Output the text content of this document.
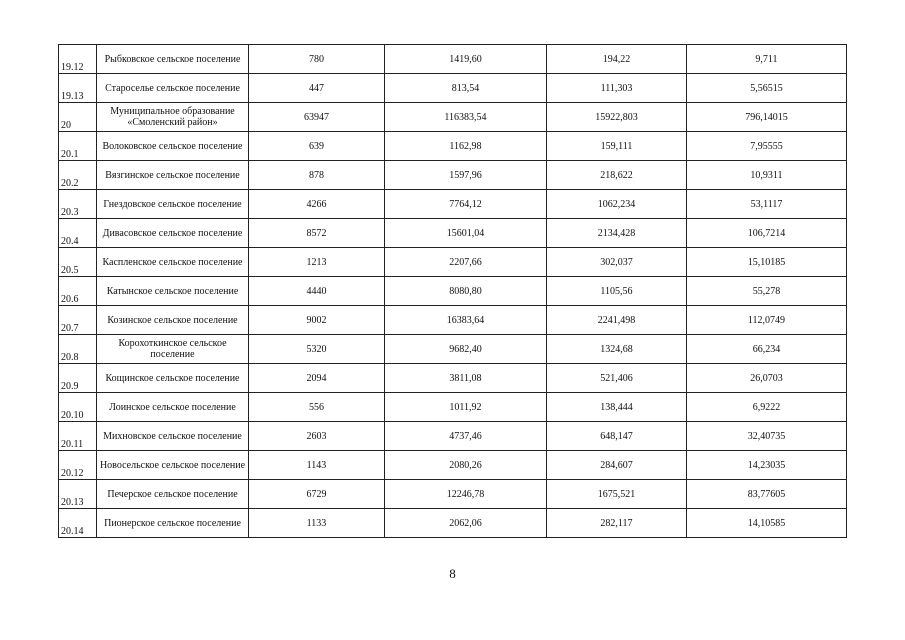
19.12	Рыбковское сельское поселение	780	1419,60	194,22	9,711
19.13	Староселье сельское поселение	447	813,54	111,303	5,56515
20	Муниципальное образование «Смоленский район»	63947	116383,54	15922,803	796,14015
20.1	Волоковское сельское поселение	639	1162,98	159,111	7,95555
20.2	Вязгинское сельское поселение	878	1597,96	218,622	10,9311
20.3	Гнездовское сельское поселение	4266	7764,12	1062,234	53,1117
20.4	Дивасовское сельское поселение	8572	15601,04	2134,428	106,7214
20.5	Каспленское сельское поселение	1213	2207,66	302,037	15,10185
20.6	Катынское сельское поселение	4440	8080,80	1105,56	55,278
20.7	Козинское сельское поселение	9002	16383,64	2241,498	112,0749
20.8	Корохоткинское сельское поселение	5320	9682,40	1324,68	66,234
20.9	Кощинское сельское поселение	2094	3811,08	521,406	26,0703
20.10	Лоинское сельское поселение	556	1011,92	138,444	6,9222
20.11	Михновское сельское поселение	2603	4737,46	648,147	32,40735
20.12	Новосельское сельское поселение	1143	2080,26	284,607	14,23035
20.13	Печерское сельское поселение	6729	12246,78	1675,521	83,77605
20.14	Пионерское сельское поселение	1133	2062,06	282,117	14,10585
8
